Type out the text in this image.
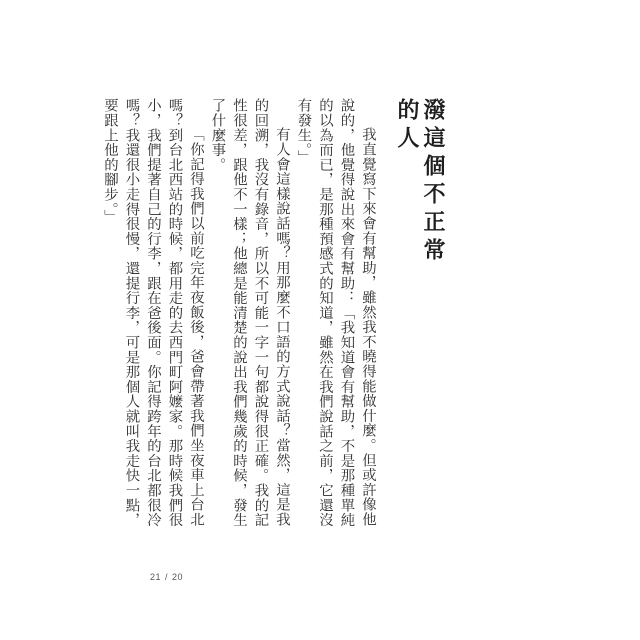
潑這個不正常的人

我直覺寫下來會有幫助，雖然我不曉得能做什麼。但或許像他說的，他覺得說出來會有幫助：「我知道會有幫助，不是那種單純的以為而已，是那種預感式的知道，雖然在我們說話之前，它還沒有發生。」

有人會這樣說話嗎？用那麼不口語的方式說話？當然，這是我的回溯，我沒有錄音，所以不可能一字一句都說得很正確。我的記性很差，跟他不一樣；他總是能清楚的說出我們幾歲的時候，發生了什麼事。

「你記得我們以前吃完年夜飯後，爸會帶著我們坐夜車上台北嗎？到台北西站的時候，都用走的去西門町阿嬤家。那時候我們很小，我們提著自己的行李，跟在爸後面。你記得跨年的台北都很冷嗎？我還很小走得很慢，還提行李，可是那個人就叫我走快一點，要跟上他的腳步。」

21 / 20
